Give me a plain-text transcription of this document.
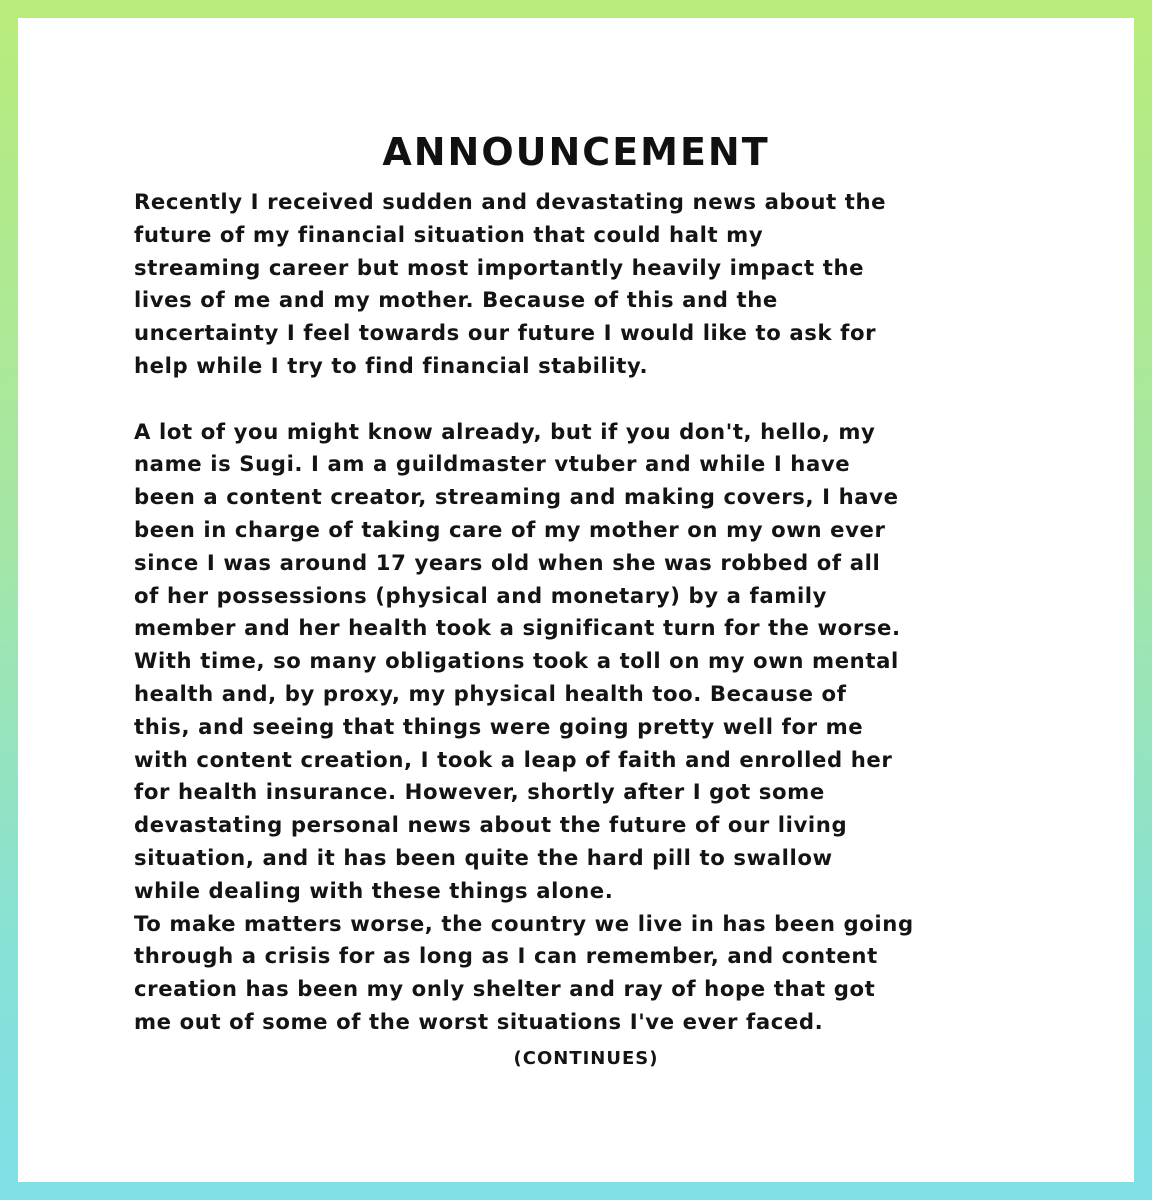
ANNOUNCEMENT
Recently I received sudden and devastating news about the
future of my financial situation that could halt my
streaming career but most importantly heavily impact the
lives of me and my mother. Because of this and the
uncertainty I feel towards our future I would like to ask for
help while I try to find financial stability.
A lot of you might know already, but if you don't, hello, my
name is Sugi. I am a guildmaster vtuber and while I have
been a content creator, streaming and making covers, I have
been in charge of taking care of my mother on my own ever
since I was around 17 years old when she was robbed of all
of her possessions (physical and monetary) by a family
member and her health took a significant turn for the worse.
With time, so many obligations took a toll on my own mental
health and, by proxy, my physical health too. Because of
this, and seeing that things were going pretty well for me
with content creation, I took a leap of faith and enrolled her
for health insurance. However, shortly after I got some
devastating personal news about the future of our living
situation, and it has been quite the hard pill to swallow
while dealing with these things alone.
To make matters worse, the country we live in has been going
through a crisis for as long as I can remember, and content
creation has been my only shelter and ray of hope that got
me out of some of the worst situations I've ever faced.
(CONTINUES)
